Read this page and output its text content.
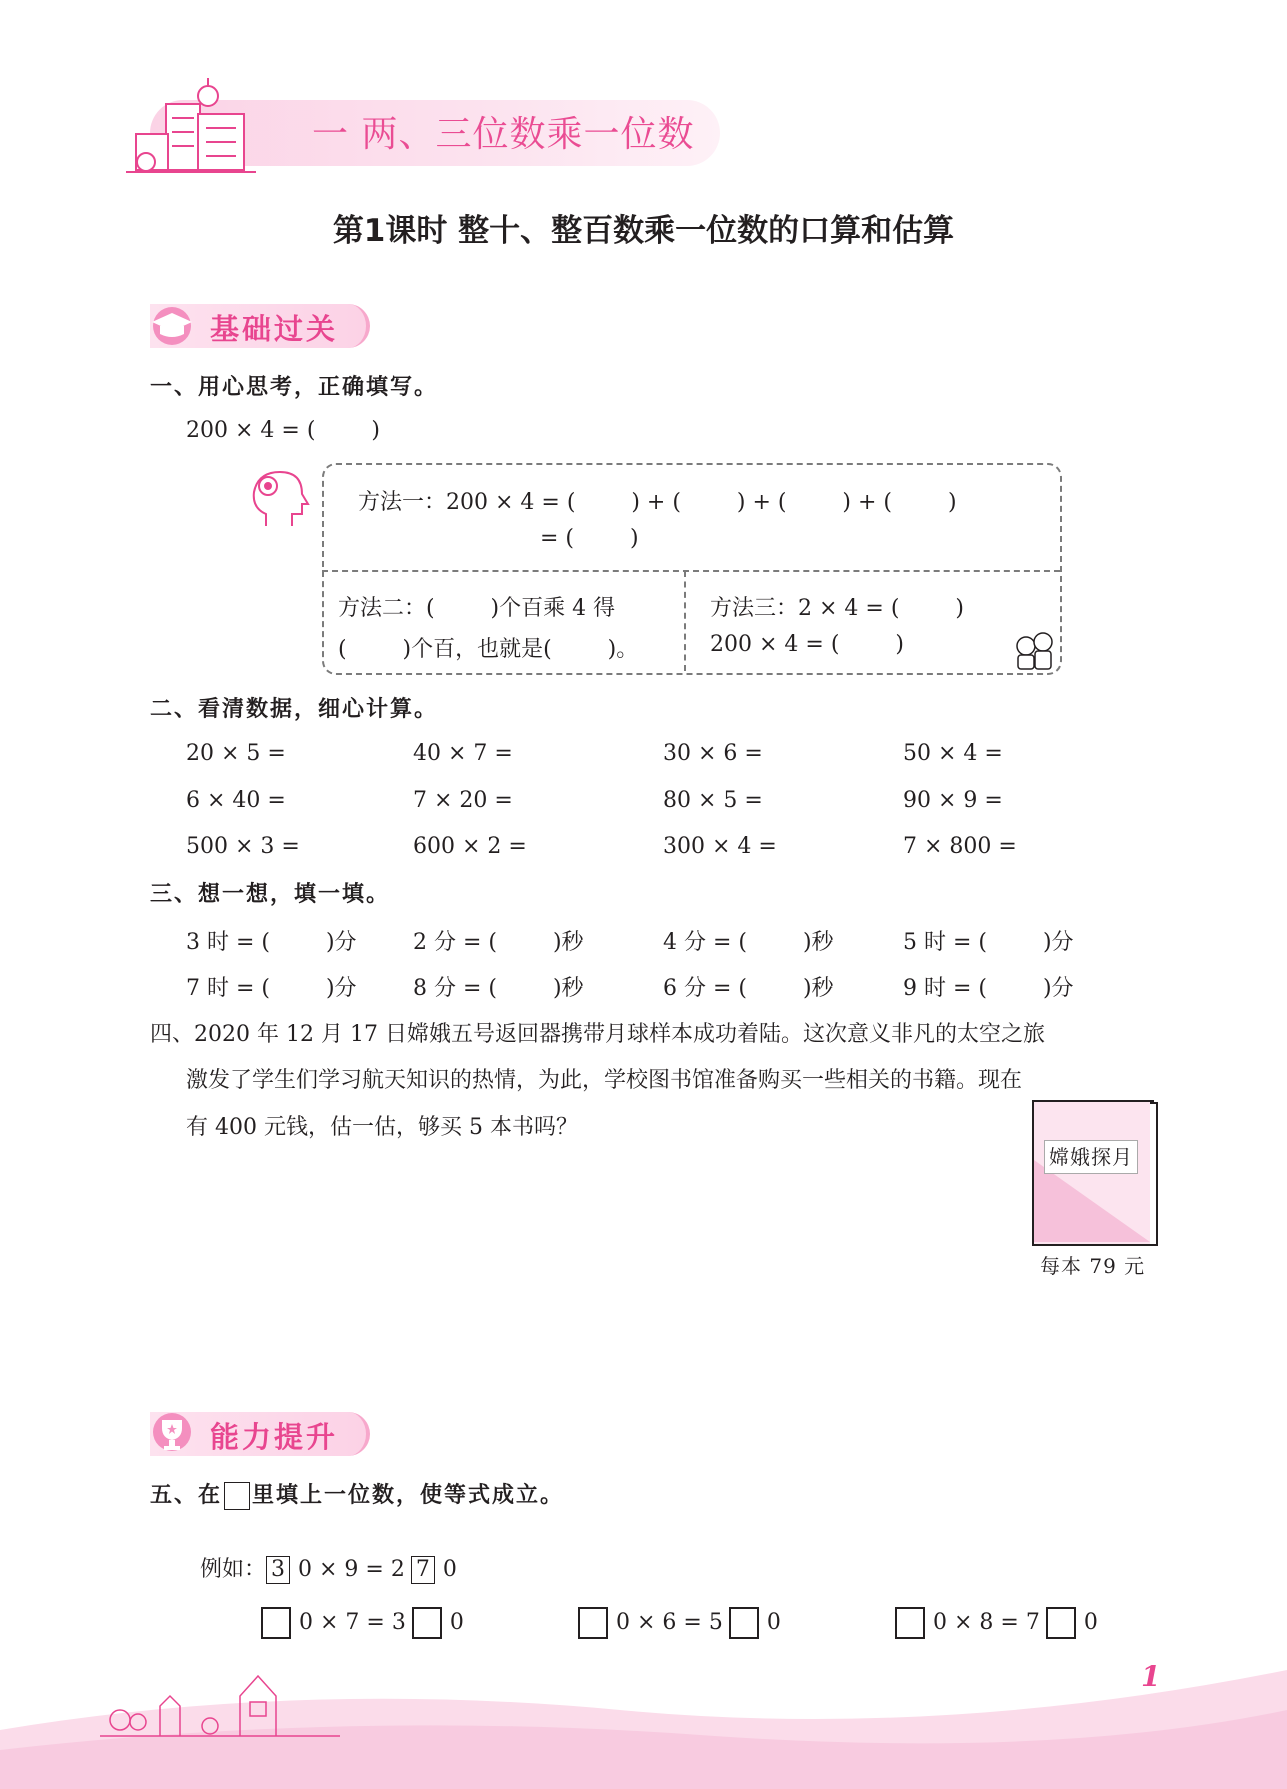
一 两、三位数乘一位数
第1课时 整十、整百数乘一位数的口算和估算
基础过关
一、用心思考，正确填写。
200 × 4 = (        )
方法一：200 × 4 = (        ) + (        ) + (        ) + (        )
= (        )
方法二：(        )个百乘 4 得
(        )个百，也就是(        )。
方法三：2 × 4 = (        )
200 × 4 = (        )
二、看清数据，细心计算。
20 × 5 =	40 × 7 =	30 × 6 =	50 × 4 =
6 × 40 =	7 × 20 =	80 × 5 =	90 × 9 =
500 × 3 =	600 × 2 =	300 × 4 =	7 × 800 =
三、想一想，填一填。
3 时 = (        )分	2 分 = (        )秒	4 分 = (        )秒	5 时 = (        )分
7 时 = (        )分	8 分 = (        )秒	6 分 = (        )秒	9 时 = (        )分
四、2020 年 12 月 17 日嫦娥五号返回器携带月球样本成功着陆。这次意义非凡的太空之旅
激发了学生们学习航天知识的热情，为此，学校图书馆准备购买一些相关的书籍。现在
有 400 元钱，估一估，够买 5 本书吗？
嫦娥探月
每本 79 元
能力提升
五、在 里填上一位数，使等式成立。

例如： 3 0 × 9 = 2 7 0

0 × 7 = 3 0	0 × 6 = 5 0	0 × 8 = 7 0

1
